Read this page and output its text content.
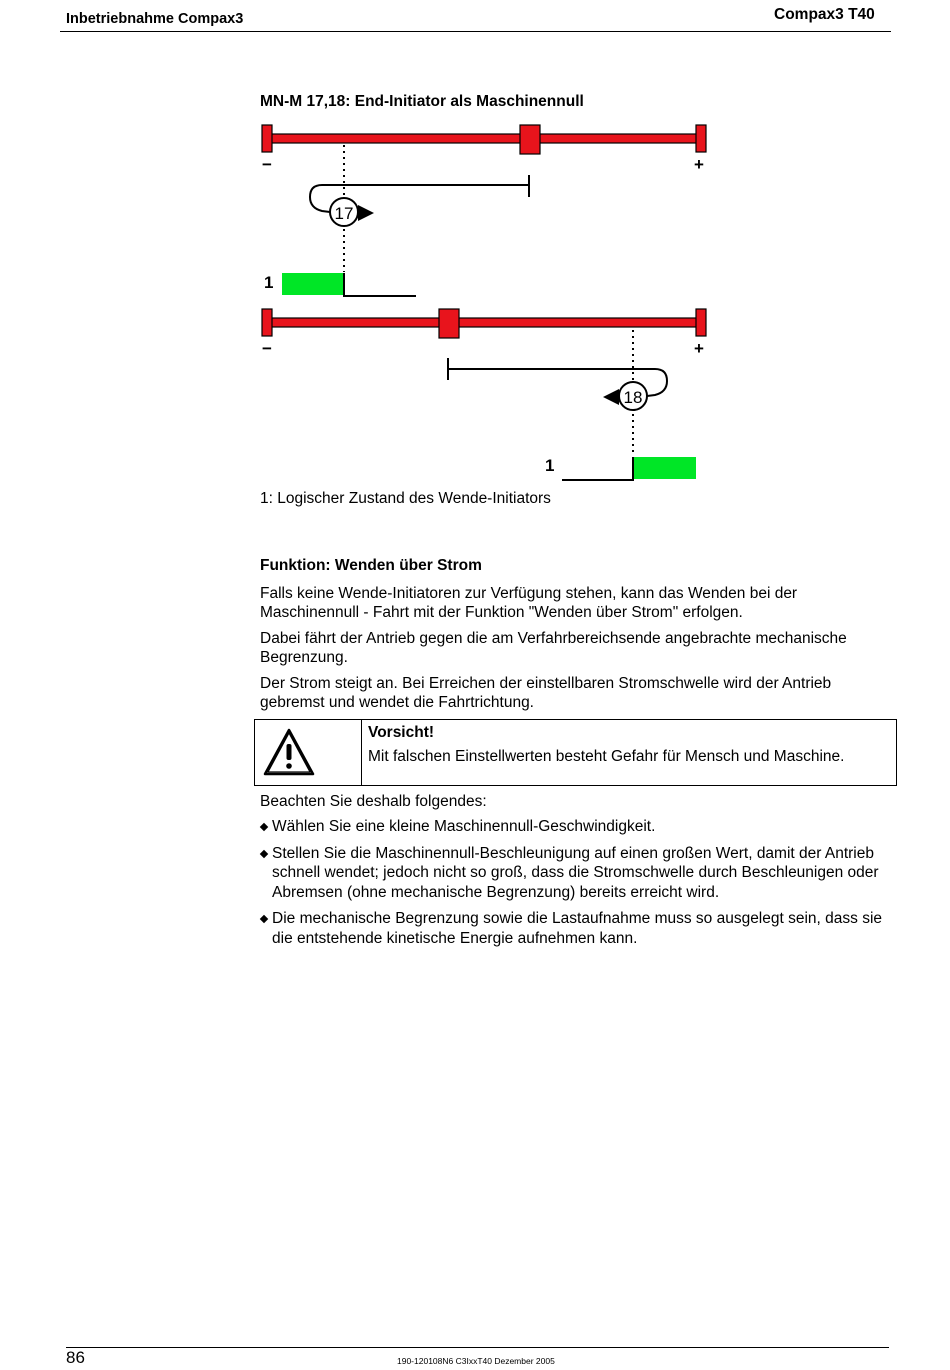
Inbetriebnahme Compax3	Compax3 T40
MN-M 17,18: End-Initiator als Maschinennull
−	+
17
1
−	+
18
1
1: Logischer Zustand des Wende-Initiators
Funktion: Wenden über Strom

Falls keine Wende-Initiatoren zur Verfügung stehen, kann das Wenden bei der Maschinennull - Fahrt mit der Funktion "Wenden über Strom" erfolgen.

Dabei fährt der Antrieb gegen die am Verfahrbereichsende angebrachte mechanische Begrenzung.

Der Strom steigt an. Bei Erreichen der einstellbaren Stromschwelle wird der Antrieb gebremst und wendet die Fahrtrichtung.

Vorsicht!
Mit falschen Einstellwerten besteht Gefahr für Mensch und Maschine.

Beachten Sie deshalb folgendes:

Wählen Sie eine kleine Maschinennull-Geschwindigkeit.
Stellen Sie die Maschinennull-Beschleunigung auf einen großen Wert, damit der Antrieb schnell wendet; jedoch nicht so groß, dass die Stromschwelle durch Beschleunigen oder Abremsen (ohne mechanische Begrenzung) bereits erreicht wird.
Die mechanische Begrenzung sowie die Lastaufnahme muss so ausgelegt sein, dass sie die entstehende kinetische Energie aufnehmen kann.
86	190-120108N6 C3IxxT40 Dezember 2005
